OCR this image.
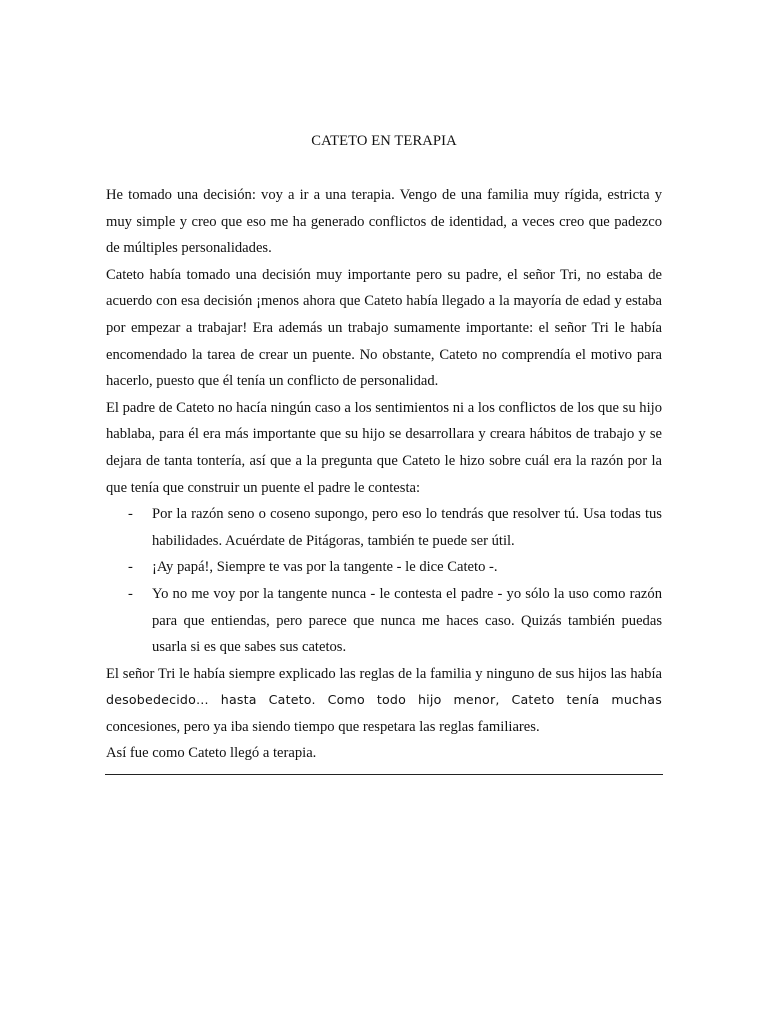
CATETO EN TERAPIA

He tomado una decisión: voy a ir a una terapia. Vengo de una familia muy rígida, estricta y muy simple y creo que eso me ha generado conflictos de identidad, a veces creo que padezco de múltiples personalidades.

Cateto había tomado una decisión muy importante pero su padre, el señor Tri, no estaba de acuerdo con esa decisión ¡menos ahora que Cateto había llegado a la mayoría de edad y estaba por empezar a trabajar! Era además un trabajo sumamente importante: el señor Tri le había encomendado la tarea de crear un puente. No obstante, Cateto no comprendía el motivo para hacerlo, puesto que él tenía un conflicto de personalidad.

El padre de Cateto no hacía ningún caso a los sentimientos ni a los conflictos de los que su hijo hablaba, para él era más importante que su hijo se desarrollara y creara hábitos de trabajo y se dejara de tanta tontería, así que a la pregunta que Cateto le hizo sobre cuál era la razón por la que tenía que construir un puente el padre le contesta:

- Por la razón seno o coseno supongo, pero eso lo tendrás que resolver tú. Usa todas tus habilidades. Acuérdate de Pitágoras, también te puede ser útil.
- ¡Ay papá!, Siempre te vas por la tangente - le dice Cateto -.
- Yo no me voy por la tangente nunca - le contesta el padre - yo sólo la uso como razón para que entiendas, pero parece que nunca me haces caso. Quizás también puedas usarla si es que sabes sus catetos.

El señor Tri le había siempre explicado las reglas de la familia y ninguno de sus hijos las había desobedecido… hasta Cateto. Como todo hijo menor, Cateto tenía muchas concesiones, pero ya iba siendo tiempo que respetara las reglas familiares.

Así fue como Cateto llegó a terapia.
